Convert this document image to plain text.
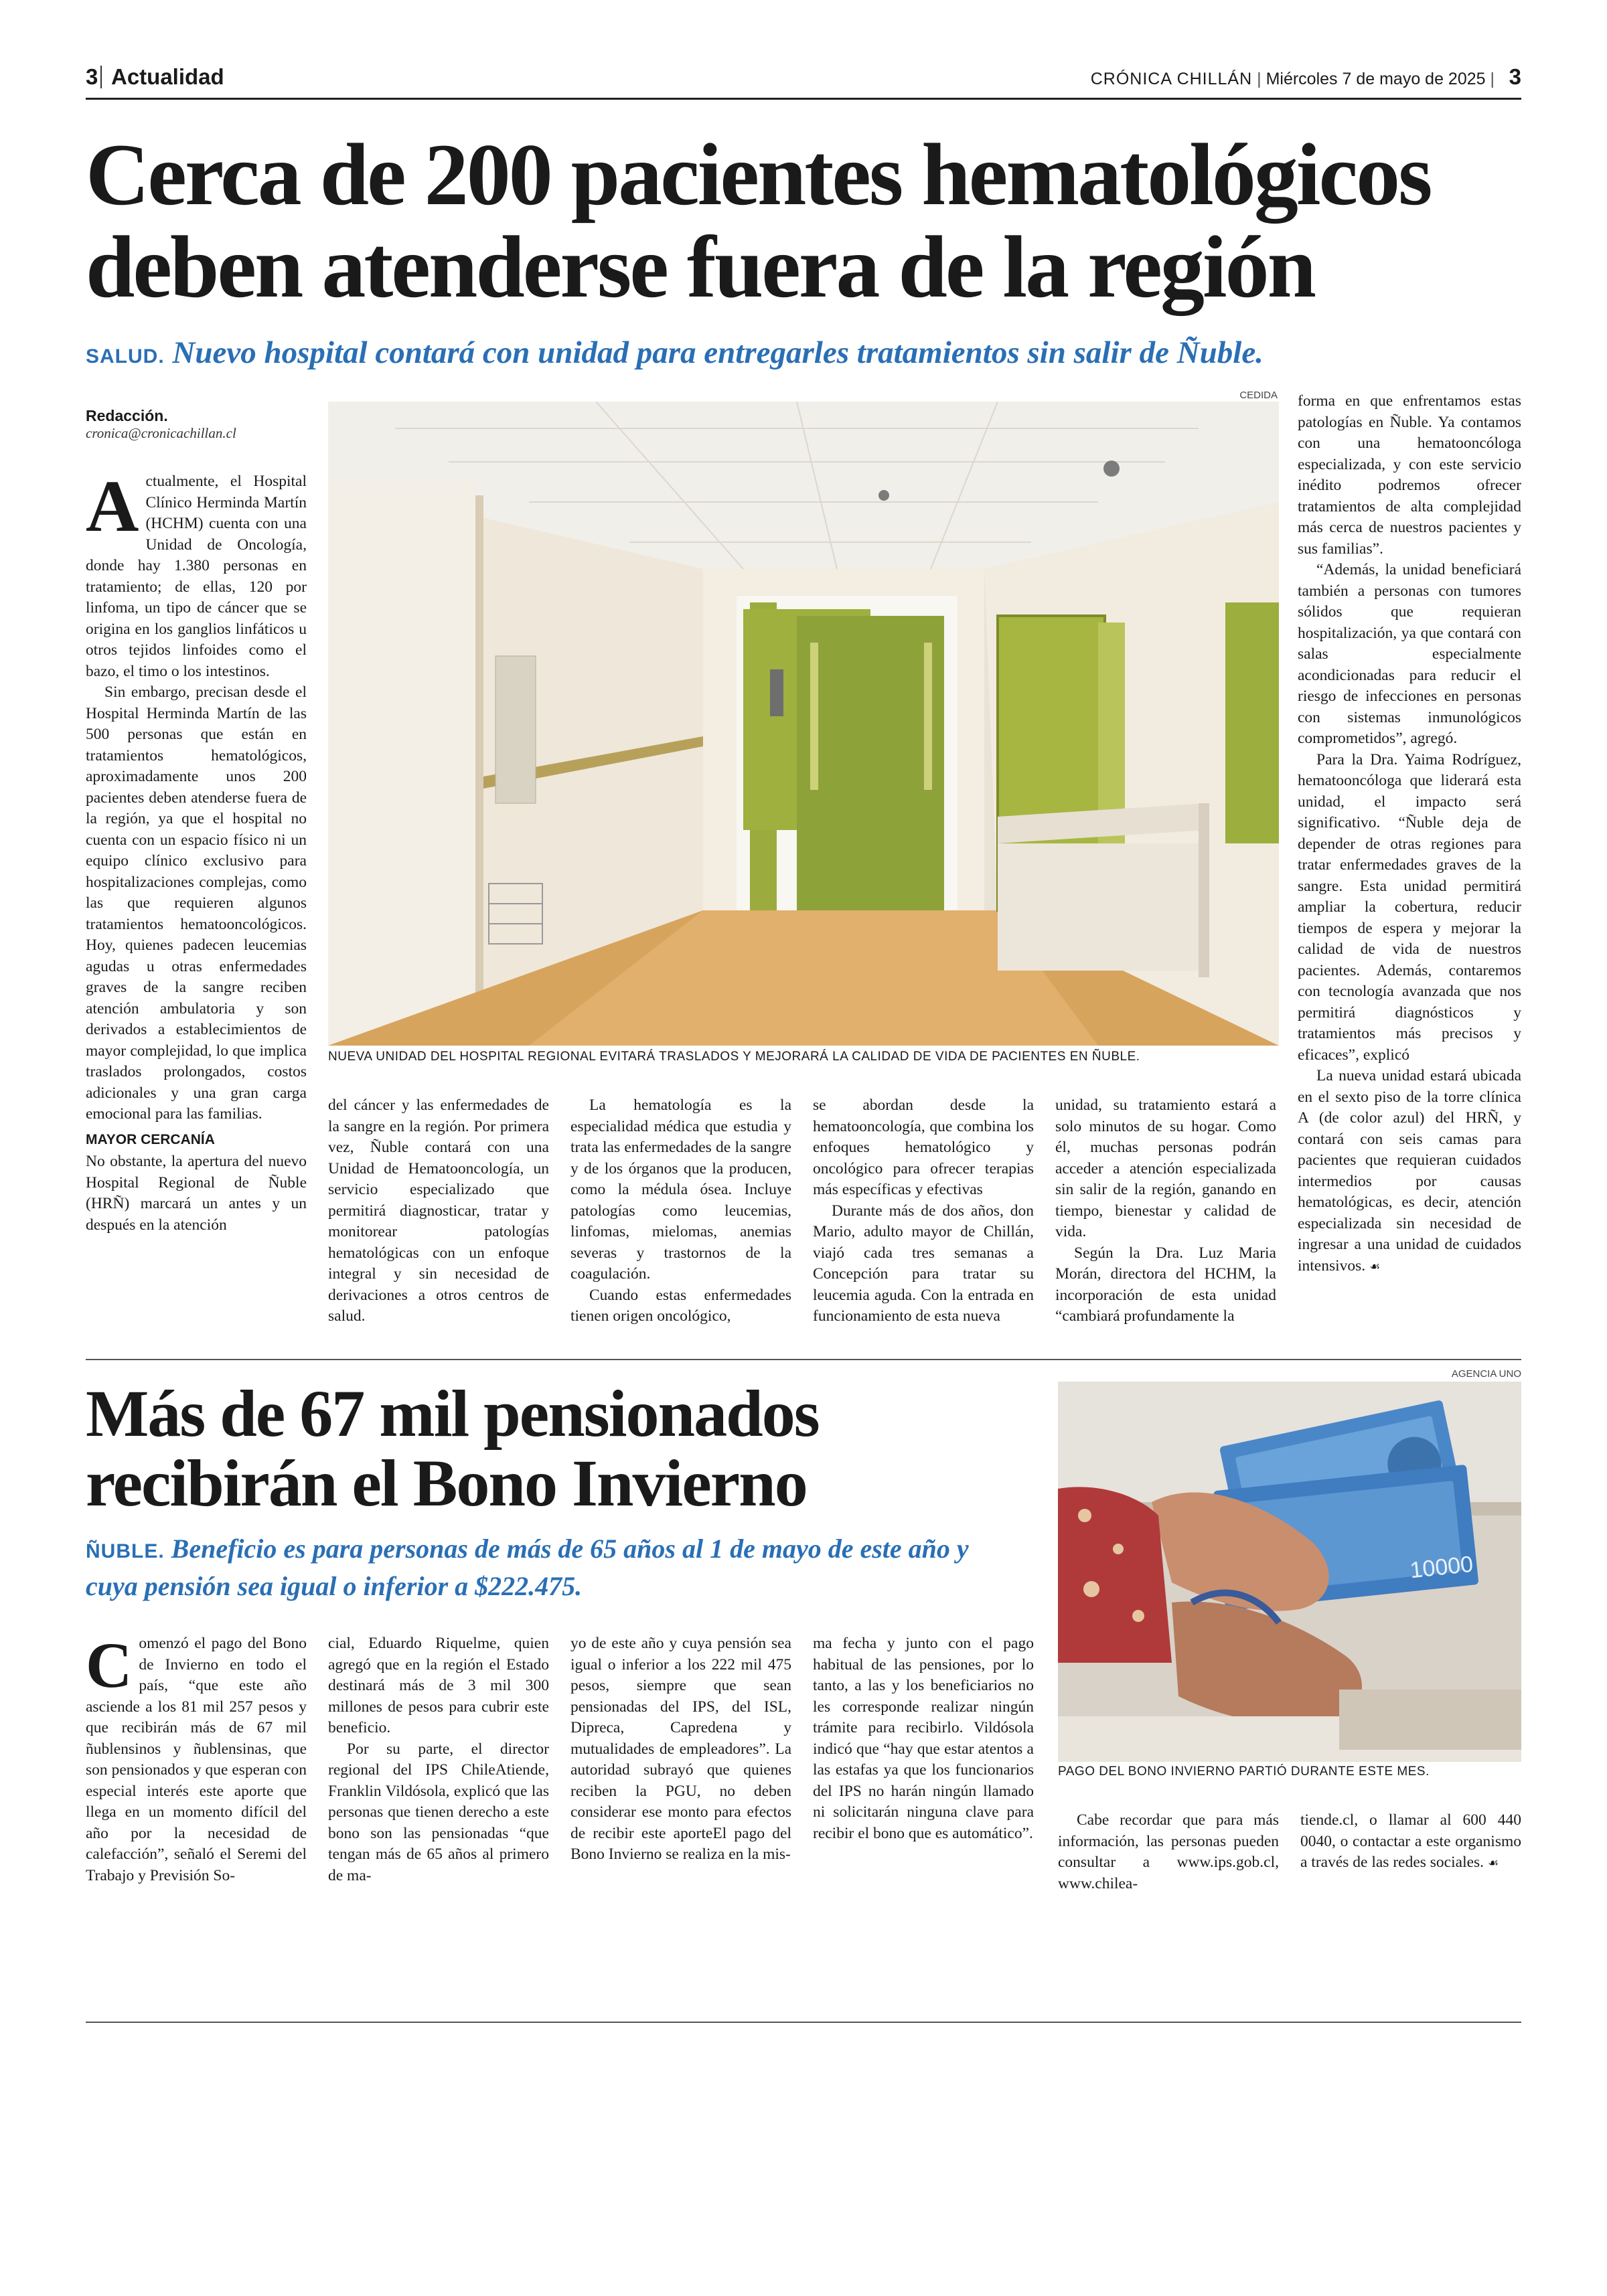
3 Actualidad	CRÓNICA CHILLÁN | Miércoles 7 de mayo de 2025 | 3
Cerca de 200 pacientes hematológicos
deben atenderse fuera de la región
SALUD. Nuevo hospital contará con unidad para entregarles tratamientos sin salir de Ñuble.
Redacción.
cronica@cronicachillan.cl
CEDIDA
NUEVA UNIDAD DEL HOSPITAL REGIONAL EVITARÁ TRASLADOS Y MEJORARÁ LA CALIDAD DE VIDA DE PACIENTES EN ÑUBLE.

Actualmente, el Hospital Clínico Herminda Martín (HCHM) cuenta con una Unidad de Oncología, donde hay 1.380 personas en tratamiento; de ellas, 120 por linfoma, un tipo de cáncer que se origina en los ganglios linfáticos u otros tejidos linfoides como el bazo, el timo o los intestinos.

Sin embargo, precisan desde el Hospital Herminda Martín de las 500 personas que están en tratamientos hematológicos, aproximadamente unos 200 pacientes deben atenderse fuera de la región, ya que el hospital no cuenta con un espacio físico ni un equipo clínico exclusivo para hospitalizaciones complejas, como las que requieren algunos tratamientos hematooncológicos. Hoy, quienes padecen leucemias agudas u otras enfermedades graves de la sangre reciben atención ambulatoria y son derivados a establecimientos de mayor complejidad, lo que implica traslados prolongados, costos adicionales y una gran carga emocional para las familias.

MAYOR CERCANÍA

No obstante, la apertura del nuevo Hospital Regional de Ñuble (HRÑ) marcará un antes y un después en la atención

del cáncer y las enfermedades de la sangre en la región. Por primera vez, Ñuble contará con una Unidad de Hematooncología, un servicio especializado que permitirá diagnosticar, tratar y monitorear patologías hematológicas con un enfoque integral y sin necesidad de derivaciones a otros centros de salud.

La hematología es la especialidad médica que estudia y trata las enfermedades de la sangre y de los órganos que la producen, como la médula ósea. Incluye patologías como leucemias, linfomas, mielomas, anemias severas y trastornos de la coagulación.

Cuando estas enfermedades tienen origen oncológico,

se abordan desde la hematooncología, que combina los enfoques hematológico y oncológico para ofrecer terapias más específicas y efectivas

Durante más de dos años, don Mario, adulto mayor de Chillán, viajó cada tres semanas a Concepción para tratar su leucemia aguda. Con la entrada en funcionamiento de esta nueva

unidad, su tratamiento estará a solo minutos de su hogar. Como él, muchas personas podrán acceder a atención especializada sin salir de la región, ganando en tiempo, bienestar y calidad de vida.

Según la Dra. Luz Maria Morán, directora del HCHM, la incorporación de esta unidad “cambiará profundamente la

forma en que enfrentamos estas patologías en Ñuble. Ya contamos con una hematooncóloga especializada, y con este servicio inédito podremos ofrecer tratamientos de alta complejidad más cerca de nuestros pacientes y sus familias”.

“Además, la unidad beneficiará también a personas con tumores sólidos que requieran hospitalización, ya que contará con salas especialmente acondicionadas para reducir el riesgo de infecciones en personas con sistemas inmunológicos comprometidos”, agregó.

Para la Dra. Yaima Rodríguez, hematooncóloga que liderará esta unidad, el impacto será significativo. “Ñuble deja de depender de otras regiones para tratar enfermedades graves de la sangre. Esta unidad permitirá ampliar la cobertura, reducir tiempos de espera y mejorar la calidad de vida de nuestros pacientes. Además, contaremos con tecnología avanzada que nos permitirá diagnósticos y tratamientos más precisos y eficaces”, explicó

La nueva unidad estará ubicada en el sexto piso de la torre clínica A (de color azul) del HRÑ, y contará con seis camas para pacientes que requieran cuidados intermedios por causas hematológicas, es decir, atención especializada sin necesidad de ingresar a una unidad de cuidados intensivos. ☙

Más de 67 mil pensionados
recibirán el Bono Invierno
ÑUBLE. Beneficio es para personas de más de 65 años al 1 de mayo de este año y cuya pensión sea igual o inferior a $222.475.
AGENCIA UNO
10000
PAGO DEL BONO INVIERNO PARTIÓ DURANTE ESTE MES.

Comenzó el pago del Bono de Invierno en todo el país, “que este año asciende a los 81 mil 257 pesos y que recibirán más de 67 mil ñublensinos y ñublensinas, que son pensionados y que esperan con especial interés este aporte que llega en un momento difícil del año por la necesidad de calefacción”, señaló el Seremi del Trabajo y Previsión So-

cial, Eduardo Riquelme, quien agregó que en la región el Estado destinará más de 3 mil 300 millones de pesos para cubrir este beneficio.

Por su parte, el director regional del IPS ChileAtiende, Franklin Vildósola, explicó que las personas que tienen derecho a este bono son las pensionadas “que tengan más de 65 años al primero de ma-

yo de este año y cuya pensión sea igual o inferior a los 222 mil 475 pesos, siempre que sean pensionadas del IPS, del ISL, Dipreca, Capredena y mutualidades de empleadores”. La autoridad subrayó que quienes reciben la PGU, no deben considerar ese monto para efectos de recibir este aporteEl pago del Bono Invierno se realiza en la mis-

ma fecha y junto con el pago habitual de las pensiones, por lo tanto, a las y los beneficiarios no les corresponde realizar ningún trámite para recibirlo. Vildósola indicó que “hay que estar atentos a las estafas ya que los funcionarios del IPS no harán ningún llamado ni solicitarán ninguna clave para recibir el bono que es automático”.

Cabe recordar que para más información, las personas pueden consultar a www.ips.gob.cl, www.chilea-

tiende.cl, o llamar al 600 440 0040, o contactar a este organismo a través de las redes sociales. ☙
